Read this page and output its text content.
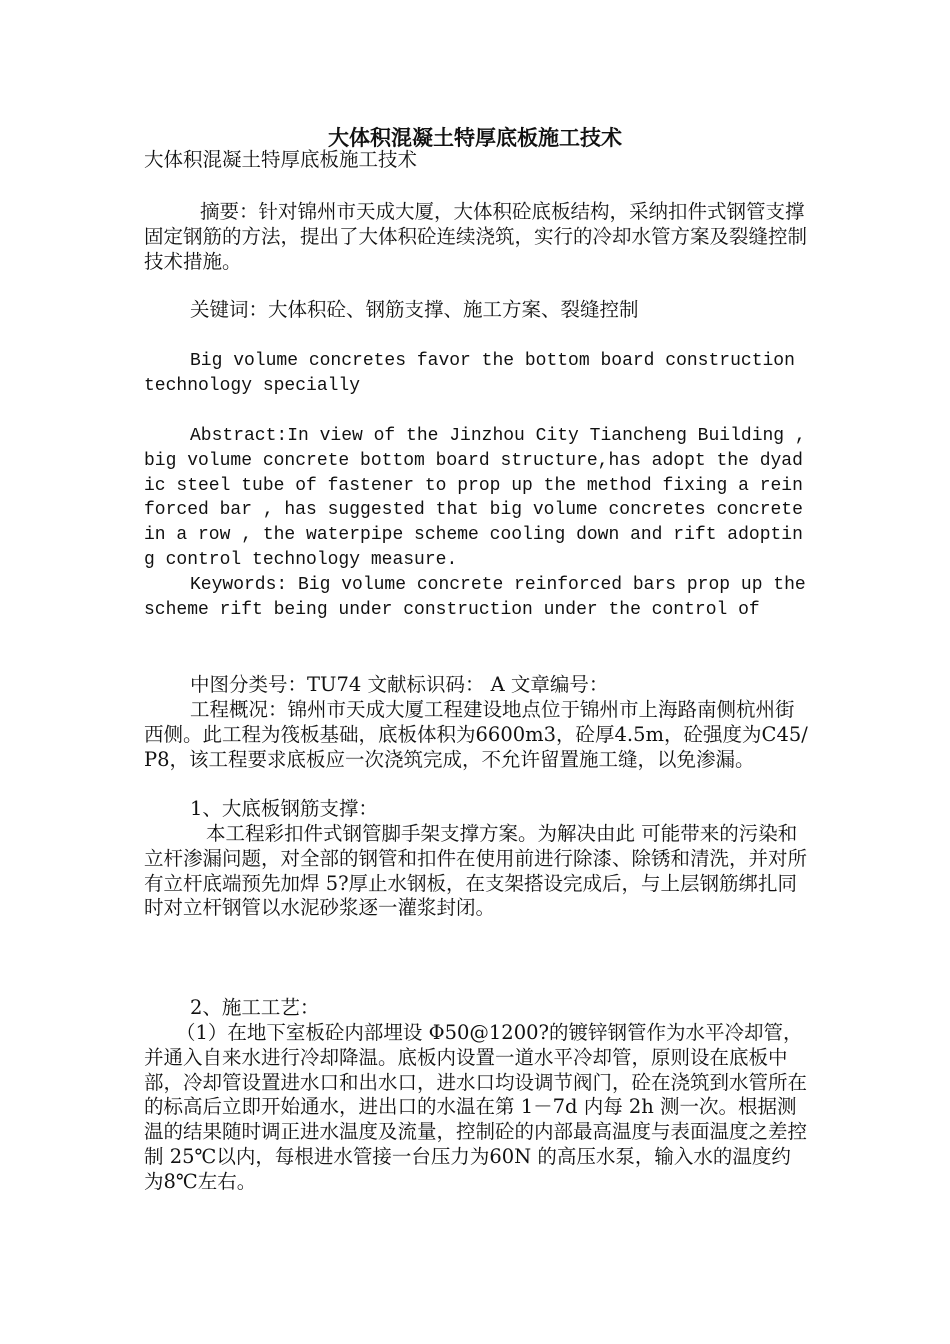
大体积混凝土特厚底板施工技术

大体积混凝土特厚底板施工技术

摘要：针对锦州市天成大厦，大体积砼底板结构，采纳扣件式钢管支撑固定钢筋的方法，提出了大体积砼连续浇筑，实行的冷却水管方案及裂缝控制技术措施。

关键词：大体积砼、钢筋支撑、施工方案、裂缝控制

Big volume concretes favor the bottom board construction technology specially

Abstract:In view of the Jinzhou City Tiancheng Building , big volume concrete bottom board structure,has adopt the dyadic steel tube of fastener to prop up the method fixing a reinforced bar , has suggested that big volume concretes concrete in a row , the waterpipe scheme cooling down and rift adopting control technology measure.

Keywords: Big volume concrete reinforced bars prop up the scheme rift being under construction under the control of

中图分类号：TU74 文献标识码： A 文章编号：

工程概况：锦州市天成大厦工程建设地点位于锦州市上海路南侧杭州街西侧。此工程为筏板基础，底板体积为6600m3，砼厚4.5m，砼强度为C45/P8，该工程要求底板应一次浇筑完成，不允许留置施工缝，以免渗漏。

1、大底板钢筋支撑：

本工程彩扣件式钢管脚手架支撑方案。为解决由此 可能带来的污染和立杆渗漏问题，对全部的钢管和扣件在使用前进行除漆、除锈和清洗，并对所有立杆底端预先加焊 5?厚止水钢板，在支架搭设完成后，与上层钢筋绑扎同时对立杆钢管以水泥砂浆逐一灌浆封闭。

2、施工工艺：

（1）在地下室板砼内部埋设 Φ50@1200?的镀锌钢管作为水平冷却管，并通入自来水进行冷却降温。底板内设置一道水平冷却管，原则设在底板中部，冷却管设置进水口和出水口，进水口均设调节阀门，砼在浇筑到水管所在的标高后立即开始通水，进出口的水温在第 1－7d 内每 2h 测一次。根据测温的结果随时调正进水温度及流量，控制砼的内部最高温度与表面温度之差控制 25℃以内，每根进水管接一台压力为60N 的高压水泵，输入水的温度约为8℃左右。
